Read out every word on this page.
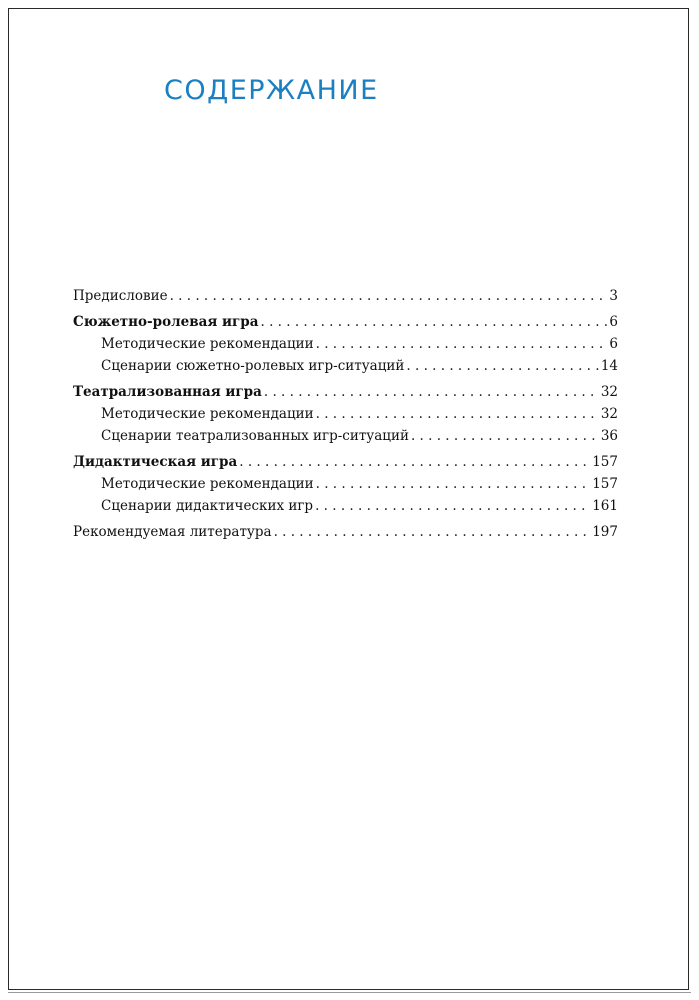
СОДЕРЖАНИЕ
Предисловие . . .	3
Сюжетно-ролевая игра . . .	6
Методические рекомендации . . .	6
Сценарии сюжетно-ролевых игр-ситуаций . . .	14
Театрализованная игра . . .	32
Методические рекомендации . . .	32
Сценарии театрализованных игр-ситуаций . . .	36
Дидактическая игра . . .	157
Методические рекомендации . . .	157
Сценарии дидактических игр . . .	161
Рекомендуемая литература . . .	197
